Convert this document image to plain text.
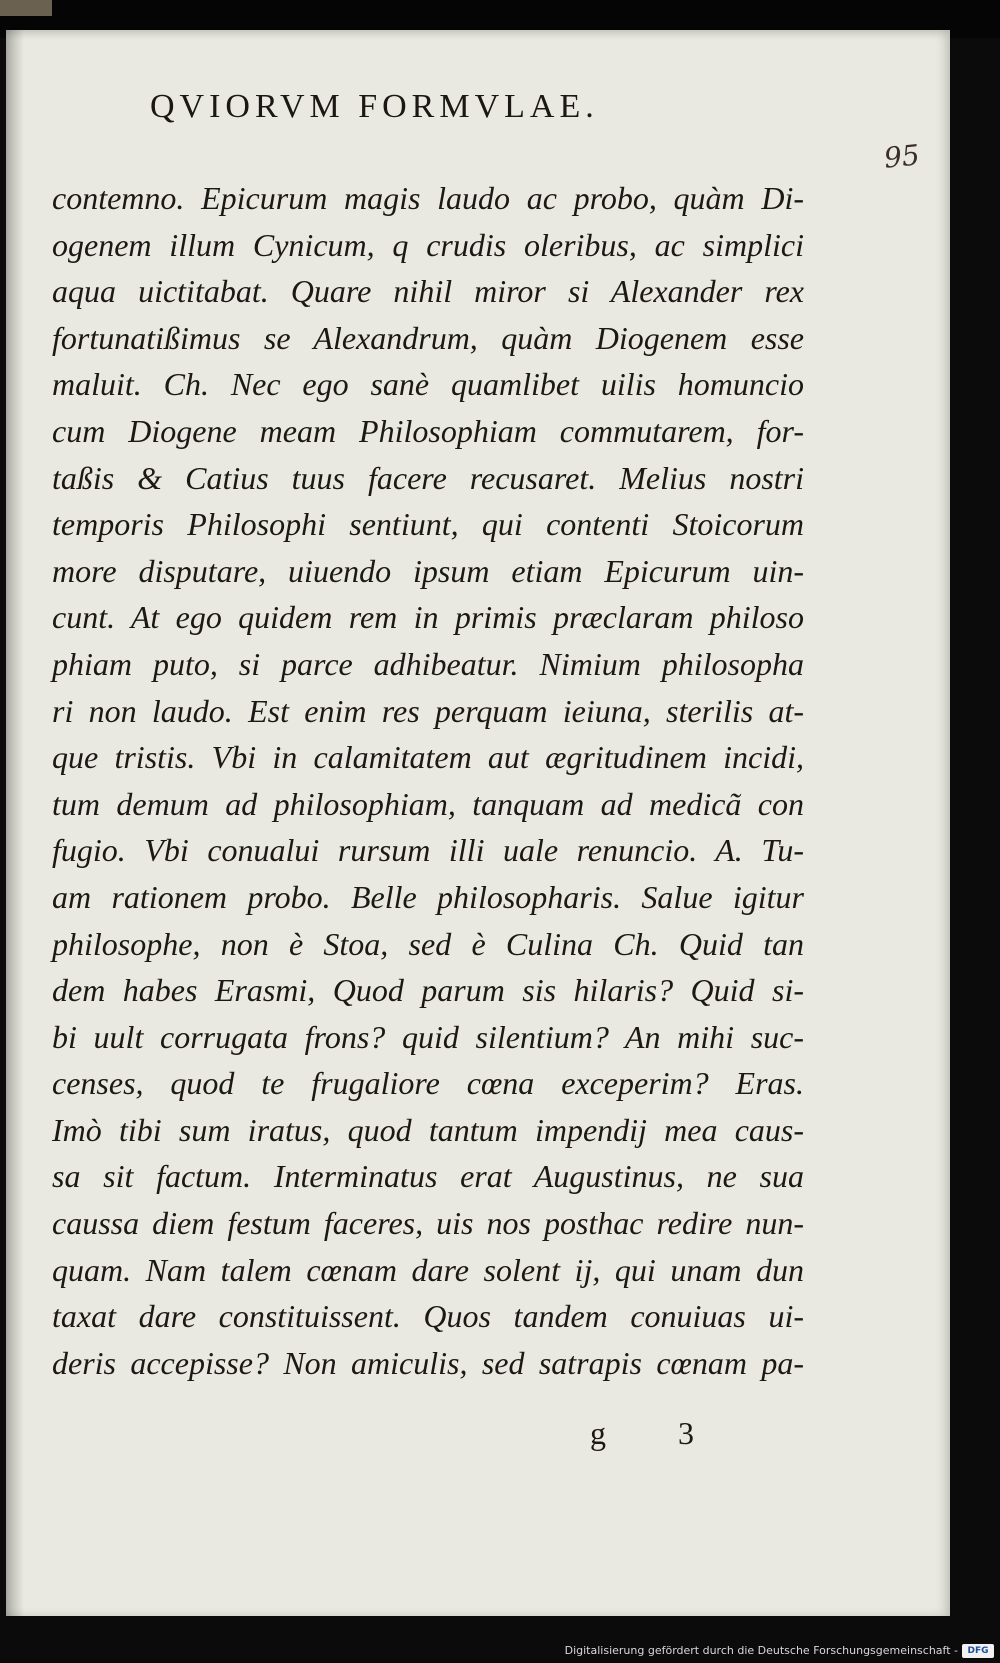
QVIORVM FORMVLAE.
95
contemno. Epicurum magis laudo ac probo, quàm Di-
ogenem illum Cynicum, q crudis oleribus, ac simplici
aqua uictitabat. Quare nihil miror si Alexander rex
fortunatißimus se Alexandrum, quàm Diogenem esse
maluit. Ch. Nec ego sanè quamlibet uilis homuncio
cum Diogene meam Philosophiam commutarem, for-
taßis & Catius tuus facere recusaret. Melius nostri
temporis Philosophi sentiunt, qui contenti Stoicorum
more disputare, uiuendo ipsum etiam Epicurum uin-
cunt. At ego quidem rem in primis præclaram philoso
phiam puto, si parce adhibeatur. Nimium philosopha
ri non laudo. Est enim res perquam ieiuna, sterilis at-
que tristis. Vbi in calamitatem aut ægritudinem incidi,
tum demum ad philosophiam, tanquam ad medicã con
fugio. Vbi conualui rursum illi uale renuncio. A. Tu-
am rationem probo. Belle philosopharis. Salue igitur
philosophe, non è Stoa, sed è Culina Ch. Quid tan
dem habes Erasmi, Quod parum sis hilaris? Quid si-
bi uult corrugata frons? quid silentium? An mihi suc-
censes, quod te frugaliore cœna exceperim? Eras.
Imò tibi sum iratus, quod tantum impendij mea caus-
sa sit factum. Interminatus erat Augustinus, ne sua
caussa diem festum faceres, uis nos posthac redire nun-
quam. Nam talem cœnam dare solent ij, qui unam dun
taxat dare constituissent. Quos tandem conuiuas ui-
deris accepisse? Non amiculis, sed satrapis cœnam pa-
g 3
Digitalisierung gefördert durch die Deutsche Forschungsgemeinschaft -	DFG
